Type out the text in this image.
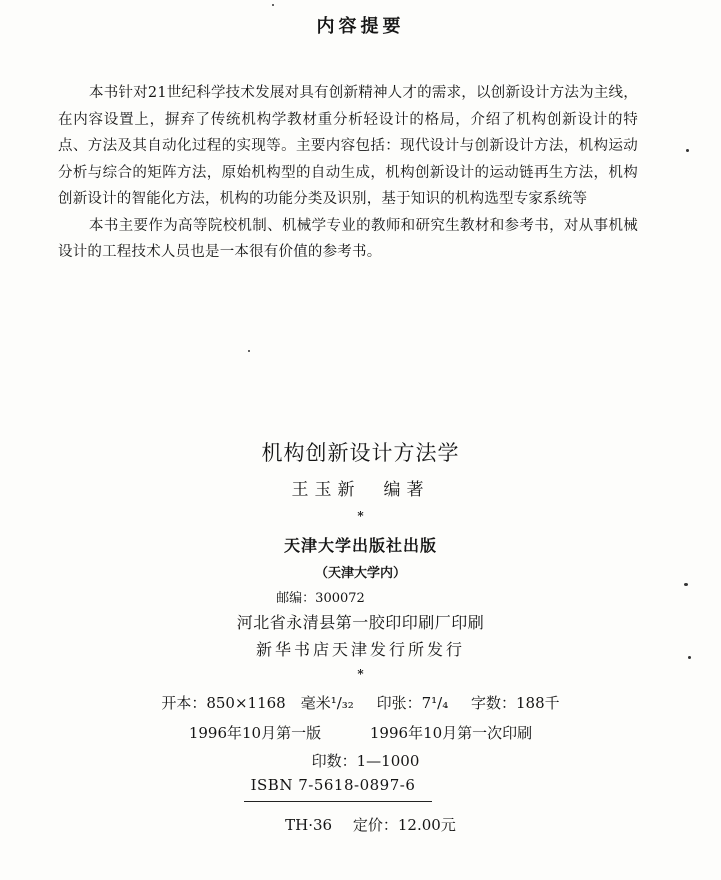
内容提要

本书针对21世纪科学技术发展对具有创新精神人才的需求，以创新设计方法为主线，在内容设置上，摒弃了传统机构学教材重分析轻设计的格局，介绍了机构创新设计的特点、方法及其自动化过程的实现等。主要内容包括：现代设计与创新设计方法，机构运动分析与综合的矩阵方法，原始机构型的自动生成，机构创新设计的运动链再生方法，机构创新设计的智能化方法，机构的功能分类及识别，基于知识的机构选型专家系统等

本书主要作为高等院校机制、机械学专业的教师和研究生教材和参考书，对从事机械设计的工程技术人员也是一本很有价值的参考书。

机构创新设计方法学
王玉新　编著
*
天津大学出版社出版
（天津大学内）
邮编：300072
河北省永清县第一胶印印刷厂印刷
新华书店天津发行所发行
*
开本：850×1168　毫米¹/₃₂ 印张：7¹/₄ 字数：188千
1996年10月第一版	1996年10月第一次印刷
印数：1—1000
ISBN 7-5618-0897-6
TH·36 定价：12.00元
